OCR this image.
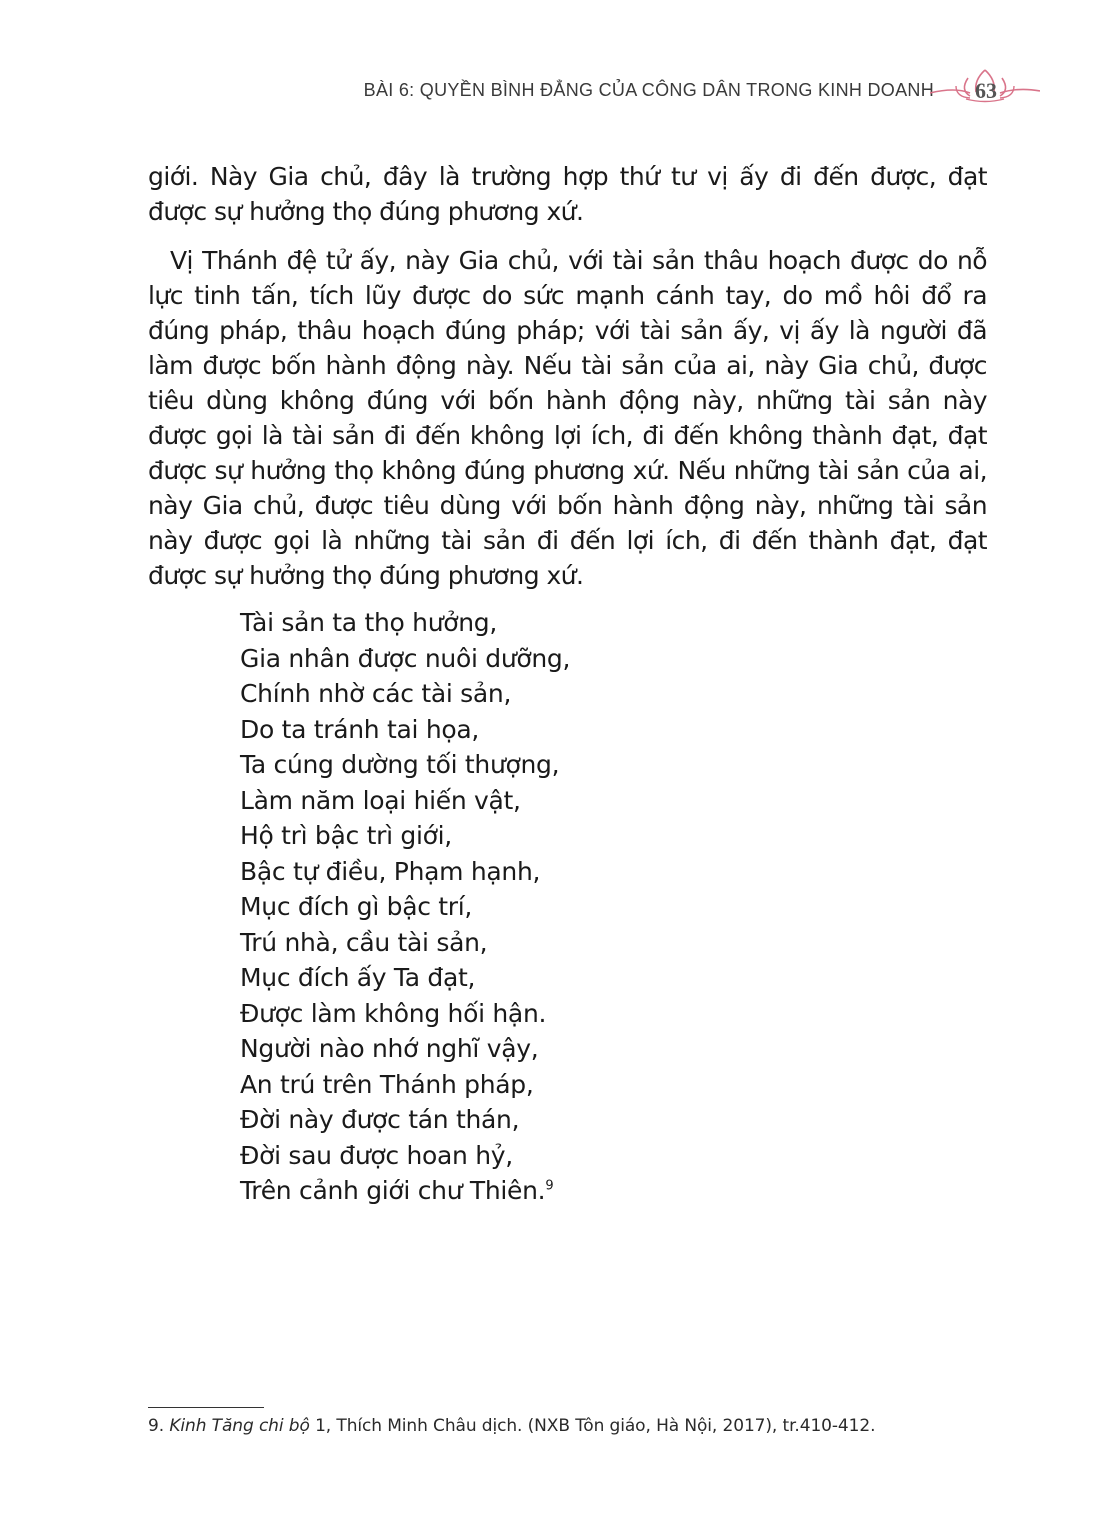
BÀI 6: QUYỀN BÌNH ĐẲNG CỦA CÔNG DÂN TRONG KINH DOANH	63

giới. Này Gia chủ, đây là trường hợp thứ tư vị ấy đi đến được, đạt được sự hưởng thọ đúng phương xứ.

Vị Thánh đệ tử ấy, này Gia chủ, với tài sản thâu hoạch được do nỗ lực tinh tấn, tích lũy được do sức mạnh cánh tay, do mồ hôi đổ ra đúng pháp, thâu hoạch đúng pháp; với tài sản ấy, vị ấy là người đã làm được bốn hành động này. Nếu tài sản của ai, này Gia chủ, được tiêu dùng không đúng với bốn hành động này, những tài sản này được gọi là tài sản đi đến không lợi ích, đi đến không thành đạt, đạt được sự hưởng thọ không đúng phương xứ. Nếu những tài sản của ai, này Gia chủ, được tiêu dùng với bốn hành động này, những tài sản này được gọi là những tài sản đi đến lợi ích, đi đến thành đạt, đạt được sự hưởng thọ đúng phương xứ.

Tài sản ta thọ hưởng,
Gia nhân được nuôi dưỡng,
Chính nhờ các tài sản,
Do ta tránh tai họa,
Ta cúng dường tối thượng,
Làm năm loại hiến vật,
Hộ trì bậc trì giới,
Bậc tự điều, Phạm hạnh,
Mục đích gì bậc trí,
Trú nhà, cầu tài sản,
Mục đích ấy Ta đạt,
Được làm không hối hận.
Người nào nhớ nghĩ vậy,
An trú trên Thánh pháp,
Đời này được tán thán,
Đời sau được hoan hỷ,
Trên cảnh giới chư Thiên.$^9$
9. Kinh Tăng chi bộ 1, Thích Minh Châu dịch. (NXB Tôn giáo, Hà Nội, 2017), tr.410-412.
